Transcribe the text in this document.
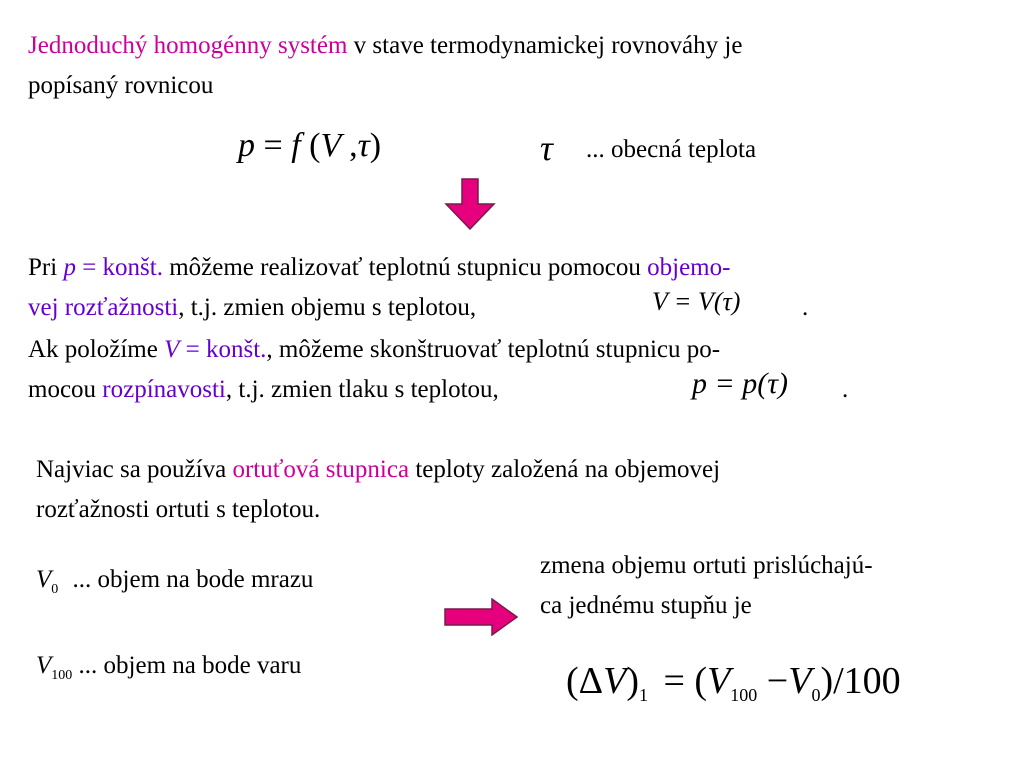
Jednoduchý homogénny systém v stave termodynamickej rovnováhy je
popísaný rovnicou
p = f (V ,τ)	τ ... obecná teplota
Pri p = konšt. môžeme realizovať teplotnú stupnicu pomocou objemo-
vej rozťažnosti, t.j. zmien objemu s teplotou,	V = V(τ) .
Ak položíme V = konšt., môžeme skonštruovať teplotnú stupnicu po-
mocou rozpínavosti, t.j. zmien tlaku s teplotou,	p = p(τ) .
Najviac sa používa ortuťová stupnica teploty založená na objemovej
rozťažnosti ortuti s teplotou.
$V_0$ ... objem na bode mrazu
$V_{100}$ ... objem na bode varu
zmena objemu ortuti prislúchajú-
ca jednému stupňu je
$(\Delta V)_1 = (V_{100} -V_0)/100$
